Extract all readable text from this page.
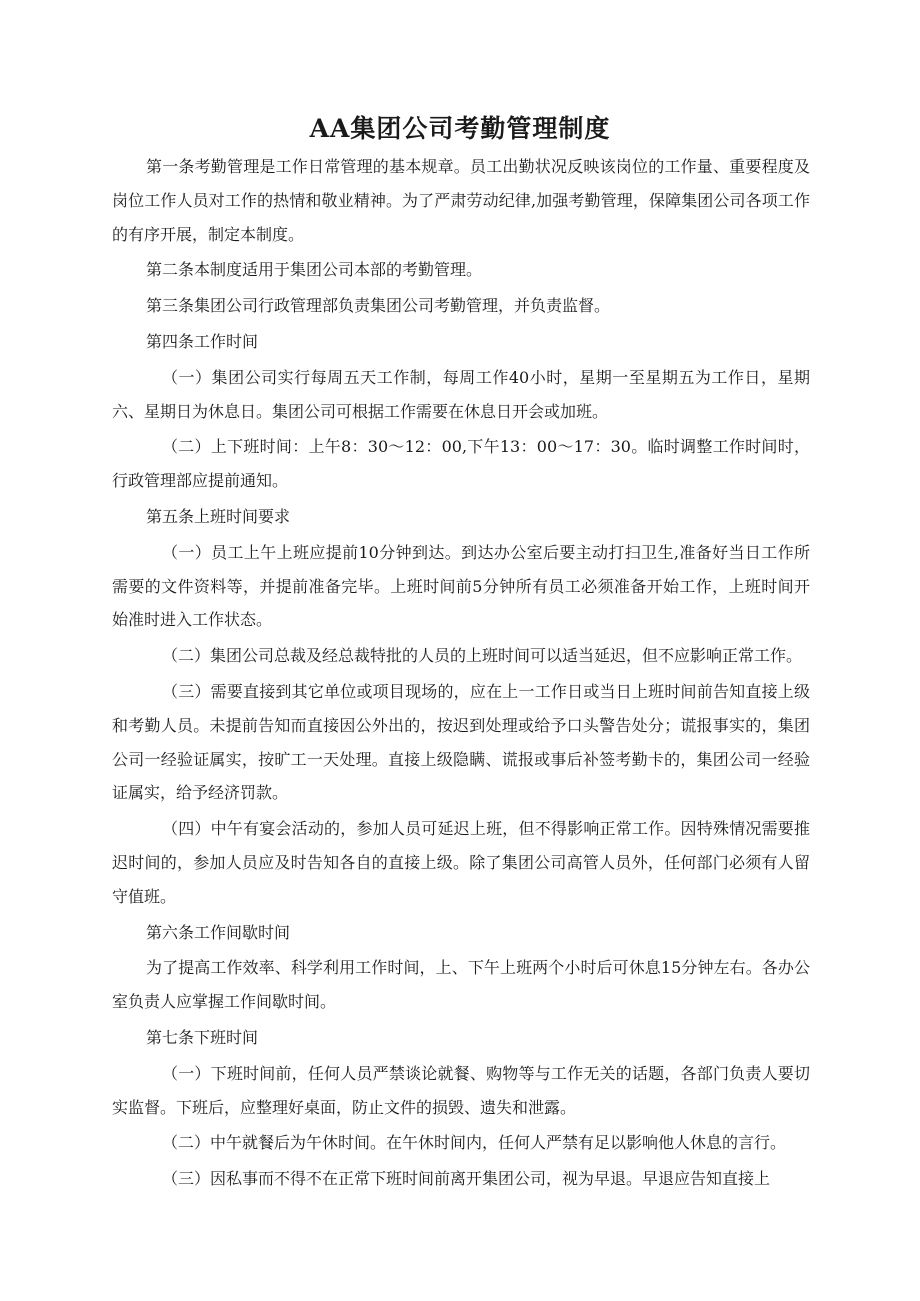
AA集团公司考勤管理制度

第一条考勤管理是工作日常管理的基本规章。员工出勤状况反映该岗位的工作量、重要程度及岗位工作人员对工作的热情和敬业精神。为了严肃劳动纪律,加强考勤管理，保障集团公司各项工作的有序开展，制定本制度。

第二条本制度适用于集团公司本部的考勤管理。

第三条集团公司行政管理部负责集团公司考勤管理，并负责监督。

第四条工作时间

（一）集团公司实行每周五天工作制，每周工作40小时，星期一至星期五为工作日，星期六、星期日为休息日。集团公司可根据工作需要在休息日开会或加班。

（二）上下班时间：上午8：30〜12：00,下午13：00〜17：30。临时调整工作时间时，行政管理部应提前通知。

第五条上班时间要求

（一）员工上午上班应提前10分钟到达。到达办公室后要主动打扫卫生,准备好当日工作所需要的文件资料等，并提前准备完毕。上班时间前5分钟所有员工必须准备开始工作，上班时间开始准时进入工作状态。

（二）集团公司总裁及经总裁特批的人员的上班时间可以适当延迟，但不应影响正常工作。

（三）需要直接到其它单位或项目现场的，应在上一工作日或当日上班时间前告知直接上级和考勤人员。未提前告知而直接因公外出的，按迟到处理或给予口头警告处分；谎报事实的，集团公司一经验证属实，按旷工一天处理。直接上级隐瞒、谎报或事后补签考勤卡的，集团公司一经验证属实，给予经济罚款。

（四）中午有宴会活动的，参加人员可延迟上班，但不得影响正常工作。因特殊情况需要推迟时间的，参加人员应及时告知各自的直接上级。除了集团公司高管人员外，任何部门必须有人留守值班。

第六条工作间歇时间

为了提高工作效率、科学利用工作时间，上、下午上班两个小时后可休息15分钟左右。各办公室负责人应掌握工作间歇时间。

第七条下班时间

（一）下班时间前，任何人员严禁谈论就餐、购物等与工作无关的话题，各部门负责人要切实监督。下班后，应整理好桌面，防止文件的损毁、遗失和泄露。

（二）中午就餐后为午休时间。在午休时间内，任何人严禁有足以影响他人休息的言行。

（三）因私事而不得不在正常下班时间前离开集团公司，视为早退。早退应告知直接上
